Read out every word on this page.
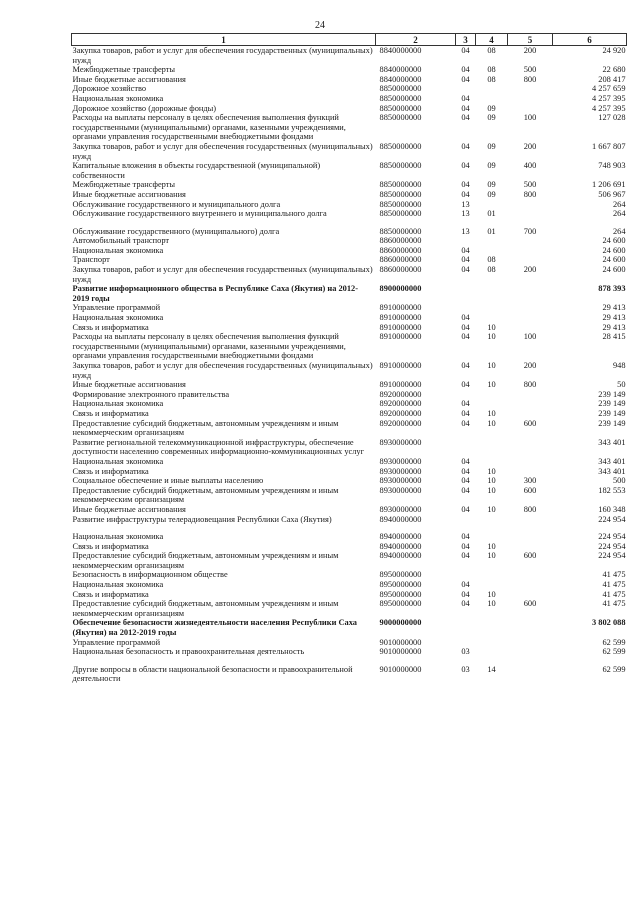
24
1	2	3	4	5	6
Закупка товаров, работ и услуг для обеспечения государственных (муниципальных) нужд	8840000000	04	08	200	24 920
Межбюджетные трансферты	8840000000	04	08	500	22 680
Иные бюджетные ассигнования	8840000000	04	08	800	208 417
Дорожное хозяйство	8850000000				4 257 659
Национальная экономика	8850000000	04			4 257 395
Дорожное хозяйство (дорожные фонды)	8850000000	04	09		4 257 395
Расходы на выплаты персоналу в целях обеспечения выполнения функций государственными (муниципальными) органами, казенными учреждениями, органами управления государственными внебюджетными фондами	8850000000	04	09	100	127 028
Закупка товаров, работ и услуг для обеспечения государственных (муниципальных) нужд	8850000000	04	09	200	1 667 807
Капитальные вложения в объекты государственной (муниципальной) собственности	8850000000	04	09	400	748 903
Межбюджетные трансферты	8850000000	04	09	500	1 206 691
Иные бюджетные ассигнования	8850000000	04	09	800	506 967
Обслуживание государственного и муниципального долга	8850000000	13			264
Обслуживание государственного внутреннего и муниципального долга	8850000000	13	01		264
Обслуживание государственного (муниципального) долга	8850000000	13	01	700	264
Автомобильный транспорт	8860000000				24 600
Национальная экономика	8860000000	04			24 600
Транспорт	8860000000	04	08		24 600
Закупка товаров, работ и услуг для обеспечения государственных (муниципальных) нужд	8860000000	04	08	200	24 600
Развитие информационного общества в Республике Саха (Якутия) на 2012-2019 годы	8900000000				878 393
Управление программой	8910000000				29 413
Национальная экономика	8910000000	04			29 413
Связь и информатика	8910000000	04	10		29 413
Расходы на выплаты персоналу в целях обеспечения выполнения функций государственными (муниципальными) органами, казенными учреждениями, органами управления государственными внебюджетными фондами	8910000000	04	10	100	28 415
Закупка товаров, работ и услуг для обеспечения государственных (муниципальных) нужд	8910000000	04	10	200	948
Иные бюджетные ассигнования	8910000000	04	10	800	50
Формирование электронного правительства	8920000000				239 149
Национальная экономика	8920000000	04			239 149
Связь и информатика	8920000000	04	10		239 149
Предоставление субсидий бюджетным, автономным учреждениям и иным некоммерческим организациям	8920000000	04	10	600	239 149
Развитие региональной телекоммуникационной инфраструктуры, обеспечение доступности населению современных информационно-коммуникационных услуг	8930000000				343 401
Национальная экономика	8930000000	04			343 401
Связь и информатика	8930000000	04	10		343 401
Социальное обеспечение и иные выплаты населению	8930000000	04	10	300	500
Предоставление субсидий бюджетным, автономным учреждениям и иным некоммерческим организациям	8930000000	04	10	600	182 553
Иные бюджетные ассигнования	8930000000	04	10	800	160 348
Развитие инфраструктуры телерадиовещания Республики Саха (Якутия)	8940000000				224 954
Национальная экономика	8940000000	04			224 954
Связь и информатика	8940000000	04	10		224 954
Предоставление субсидий бюджетным, автономным учреждениям и иным некоммерческим организациям	8940000000	04	10	600	224 954
Безопасность в информационном обществе	8950000000				41 475
Национальная экономика	8950000000	04			41 475
Связь и информатика	8950000000	04	10		41 475
Предоставление субсидий бюджетным, автономным учреждениям и иным некоммерческим организациям	8950000000	04	10	600	41 475
Обеспечение безопасности жизнедеятельности населения Республики Саха (Якутия) на 2012-2019 годы	9000000000				3 802 088
Управление программой	9010000000				62 599
Национальная безопасность и правоохранительная деятельность	9010000000	03			62 599
Другие вопросы в области национальной безопасности и правоохранительной деятельности	9010000000	03	14		62 599
